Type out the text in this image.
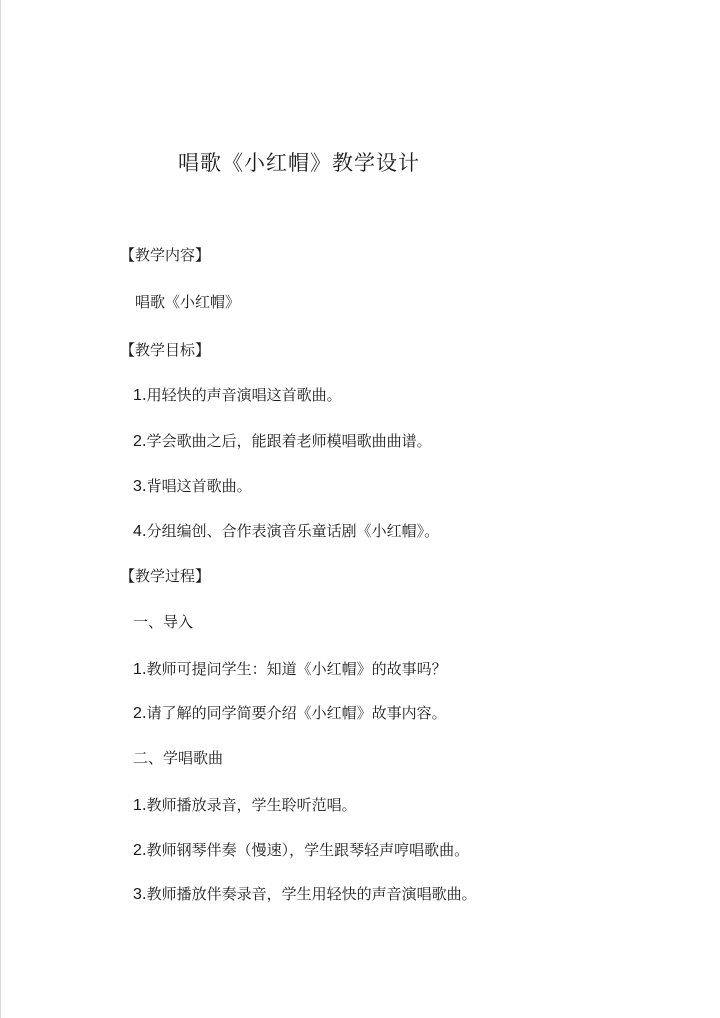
唱歌《小红帽》教学设计
【教学内容】
唱歌《小红帽》
【教学目标】
1.用轻快的声音演唱这首歌曲。
2.学会歌曲之后，能跟着老师模唱歌曲曲谱。
3.背唱这首歌曲。
4.分组编创、合作表演音乐童话剧《小红帽》。
【教学过程】
一、导入
1.教师可提问学生：知道《小红帽》的故事吗？
2.请了解的同学简要介绍《小红帽》故事内容。
二、学唱歌曲
1.教师播放录音，学生聆听范唱。
2.教师钢琴伴奏（慢速），学生跟琴轻声哼唱歌曲。
3.教师播放伴奏录音，学生用轻快的声音演唱歌曲。
